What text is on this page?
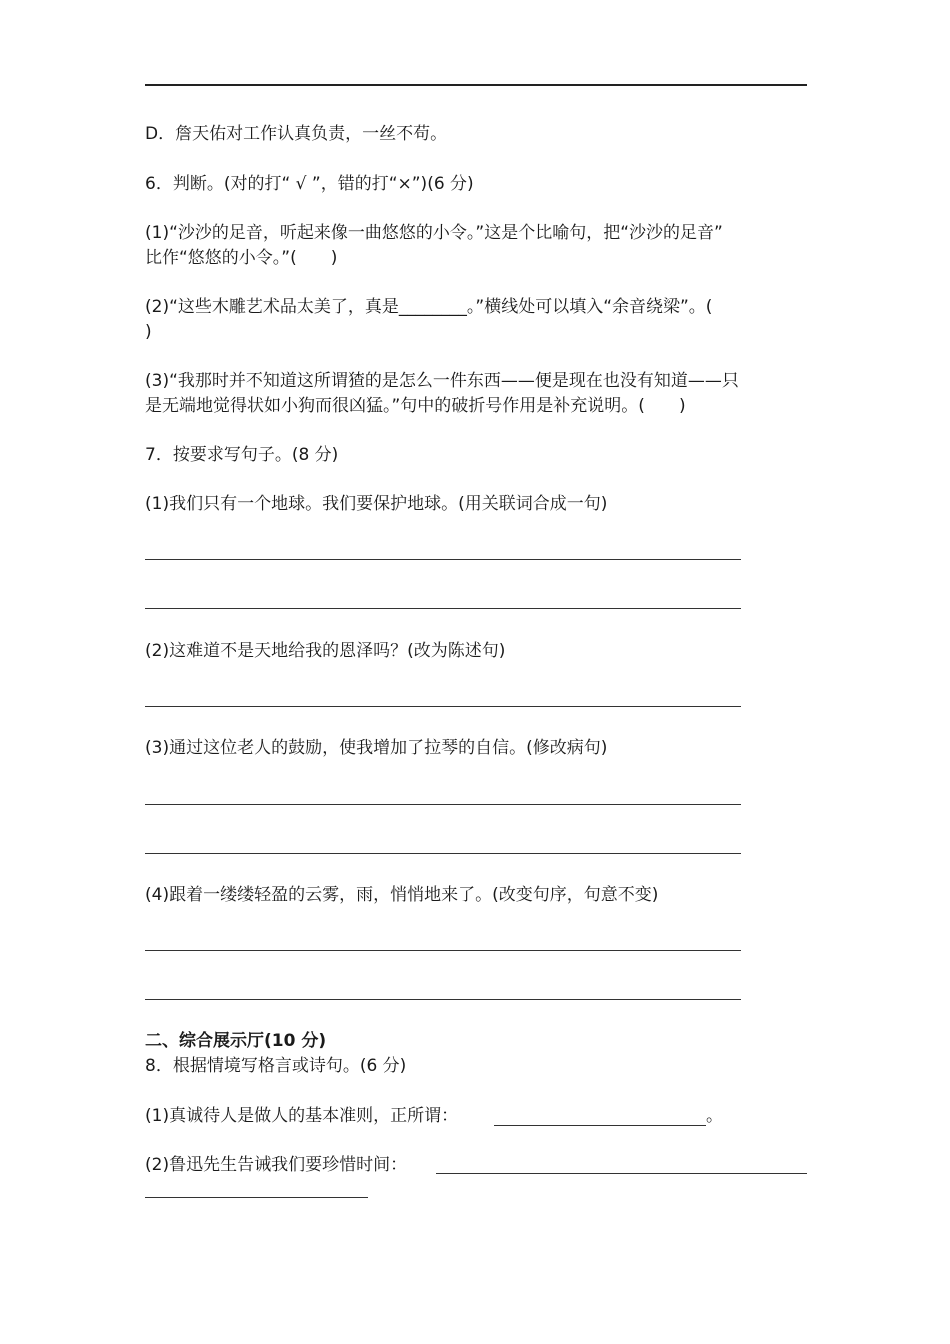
D．詹天佑对工作认真负责，一丝不苟。
6．判断。(对的打“ √ ”，错的打“×”)(6 分)
(1)“沙沙的足音，听起来像一曲悠悠的小令。”这是个比喻句，把“沙沙的足音”
比作“悠悠的小令。”(　　)
(2)“这些木雕艺术品太美了，真是________。”横线处可以填入“余音绕梁”。(
)
(3)“我那时并不知道这所谓猹的是怎么一件东西——便是现在也没有知道——只
是无端地觉得状如小狗而很凶猛。”句中的破折号作用是补充说明。(　　)
7．按要求写句子。(8 分)
(1)我们只有一个地球。我们要保护地球。(用关联词合成一句)
(2)这难道不是天地给我的恩泽吗？(改为陈述句)
(3)通过这位老人的鼓励，使我增加了拉琴的自信。(修改病句)
(4)跟着一缕缕轻盈的云雾，雨，悄悄地来了。(改变句序，句意不变)
二、综合展示厅(10 分)
8．根据情境写格言或诗句。(6 分)
(1)真诚待人是做人的基本准则，正所谓：	。
(2)鲁迅先生告诫我们要珍惜时间：
